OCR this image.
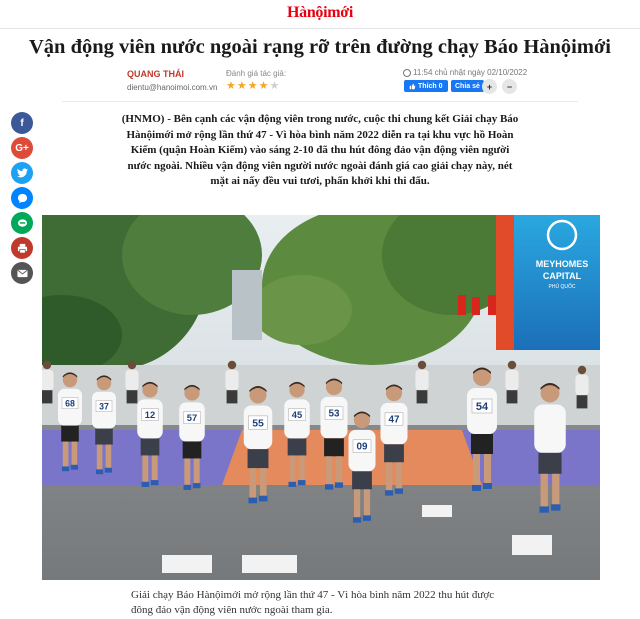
Hànộimới
Vận động viên nước ngoài rạng rỡ trên đường chạy Báo Hànộimới
QUANG THÁI
dientu@hanoimoi.com.vn
Đánh giá tác giả:
★ ★ ★ ★ ★
11:54 chủ nhật ngày 02/10/2022
Thích 0 Chia sẻ +	−
f
G+

(HNMO) - Bên cạnh các vận động viên trong nước, cuộc thi chung kết Giải chạy Báo Hànộimới mở rộng lần thứ 47 - Vì hòa bình năm 2022 diễn ra tại khu vực hồ Hoàn Kiếm (quận Hoàn Kiếm) vào sáng 2-10 đã thu hút đông đảo vận động viên người nước ngoài. Nhiều vận động viên người nước ngoài đánh giá cao giải chạy này, nét mặt ai nấy đều vui tươi, phấn khởi khi thi đấu.

MEYHOMES
CAPITAL
PHÚ QUỐC
68 37
12	57
55
45 53
09
47
54

Giải chạy Báo Hànộimới mở rộng lần thứ 47 - Vì hòa bình năm 2022 thu hút được đông đảo vận động viên nước ngoài tham gia.
